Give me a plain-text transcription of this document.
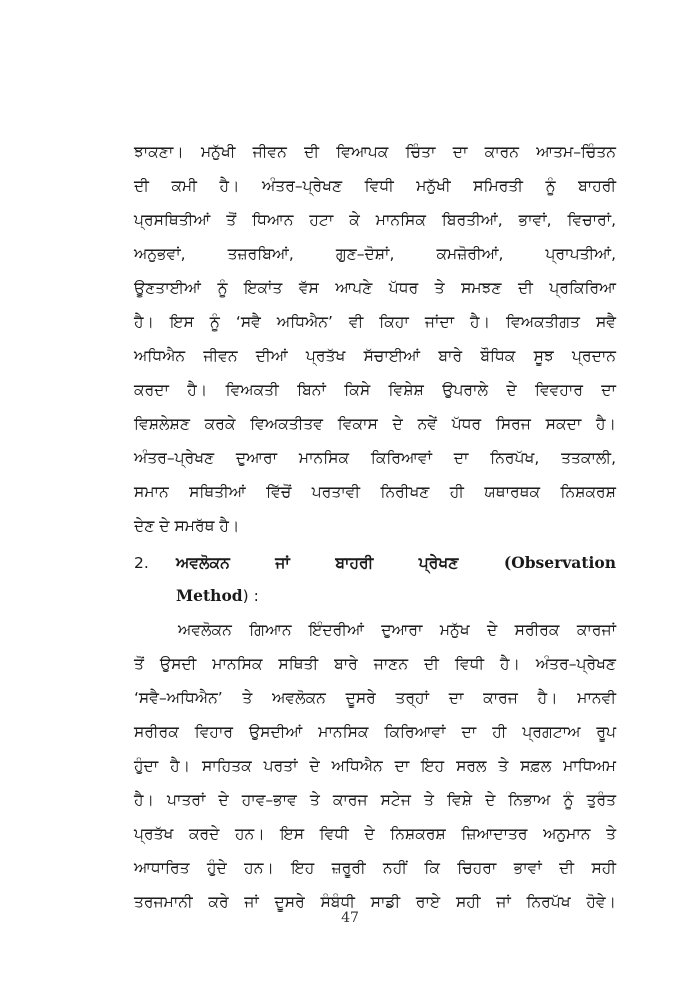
ਝਾਕਣਾ। ਮਨੁੱਖੀ ਜੀਵਨ ਦੀ ਵਿਆਪਕ ਚਿੰਤਾ ਦਾ ਕਾਰਨ ਆਤਮ–ਚਿੰਤਨ
ਦੀ ਕਮੀ ਹੈ। ਅੰਤਰ–ਪ੍ਰੇਖਣ ਵਿਧੀ ਮਨੁੱਖੀ ਸਮਿਰਤੀ ਨੂੰ ਬਾਹਰੀ
ਪ੍ਰਸਥਿਤੀਆਂ ਤੋਂ ਧਿਆਨ ਹਟਾ ਕੇ ਮਾਨਸਿਕ ਬਿਰਤੀਆਂ, ਭਾਵਾਂ, ਵਿਚਾਰਾਂ,
ਅਨੁਭਵਾਂ, ਤਜ਼ਰਬਿਆਂ, ਗੁਣ–ਦੋਸ਼ਾਂ, ਕਮਜ਼ੋਰੀਆਂ, ਪ੍ਰਾਪਤੀਆਂ,
ਊਣਤਾਈਆਂ ਨੂੰ ਇਕਾਂਤ ਵੱਸ ਆਪਣੇ ਪੱਧਰ ਤੇ ਸਮਝਣ ਦੀ ਪ੍ਰਕਿਰਿਆ
ਹੈ। ਇਸ ਨੂੰ ‘ਸਵੈ ਅਧਿਐਨ’ ਵੀ ਕਿਹਾ ਜਾਂਦਾ ਹੈ। ਵਿਅਕਤੀਗਤ ਸਵੈ
ਅਧਿਐਨ ਜੀਵਨ ਦੀਆਂ ਪ੍ਰਤੱਖ ਸੱਚਾਈਆਂ ਬਾਰੇ ਬੌਧਿਕ ਸੂਝ ਪ੍ਰਦਾਨ
ਕਰਦਾ ਹੈ। ਵਿਅਕਤੀ ਬਿਨਾਂ ਕਿਸੇ ਵਿਸ਼ੇਸ਼ ਉਪਰਾਲੇ ਦੇ ਵਿਵਹਾਰ ਦਾ
ਵਿਸ਼ਲੇਸ਼ਣ ਕਰਕੇ ਵਿਅਕਤੀਤਵ ਵਿਕਾਸ ਦੇ ਨਵੇਂ ਪੱਧਰ ਸਿਰਜ ਸਕਦਾ ਹੈ।
ਅੰਤਰ–ਪ੍ਰੇਖਣ ਦੁਆਰਾ ਮਾਨਸਿਕ ਕਿਰਿਆਵਾਂ ਦਾ ਨਿਰਪੱਖ, ਤਤਕਾਲੀ,
ਸਮਾਨ ਸਥਿਤੀਆਂ ਵਿੱਚੋਂ ਪਰਤਾਵੀ ਨਿਰੀਖਣ ਹੀ ਯਥਾਰਥਕ ਨਿਸ਼ਕਰਸ਼
ਦੇਣ ਦੇ ਸਮਰੱਥ ਹੈ।
2. ਅਵਲੋਕਨ ਜਾਂ ਬਾਹਰੀ ਪ੍ਰੇਖਣ	(Observation
Method) :
ਅਵਲੋਕਨ ਗਿਆਨ ਇੰਦਰੀਆਂ ਦੁਆਰਾ ਮਨੁੱਖ ਦੇ ਸਰੀਰਕ ਕਾਰਜਾਂ
ਤੋਂ ਉਸਦੀ ਮਾਨਸਿਕ ਸਥਿਤੀ ਬਾਰੇ ਜਾਣਨ ਦੀ ਵਿਧੀ ਹੈ। ਅੰਤਰ–ਪ੍ਰੇਖਣ
‘ਸਵੈ–ਅਧਿਐਨ’ ਤੇ ਅਵਲੋਕਨ ਦੂਸਰੇ ਤਰ੍ਹਾਂ ਦਾ ਕਾਰਜ ਹੈ। ਮਾਨਵੀ
ਸਰੀਰਕ ਵਿਹਾਰ ਉਸਦੀਆਂ ਮਾਨਸਿਕ ਕਿਰਿਆਵਾਂ ਦਾ ਹੀ ਪ੍ਰਗਟਾਅ ਰੂਪ
ਹੁੰਦਾ ਹੈ। ਸਾਹਿਤਕ ਪਰਤਾਂ ਦੇ ਅਧਿਐਨ ਦਾ ਇਹ ਸਰਲ ਤੇ ਸਫ਼ਲ ਮਾਧਿਅਮ
ਹੈ। ਪਾਤਰਾਂ ਦੇ ਹਾਵ–ਭਾਵ ਤੇ ਕਾਰਜ ਸਟੇਜ ਤੇ ਵਿਸ਼ੇ ਦੇ ਨਿਭਾਅ ਨੂੰ ਤੁਰੰਤ
ਪ੍ਰਤੱਖ ਕਰਦੇ ਹਨ। ਇਸ ਵਿਧੀ ਦੇ ਨਿਸ਼ਕਰਸ਼ ਜ਼ਿਆਦਾਤਰ ਅਨੁਮਾਨ ਤੇ
ਆਧਾਰਿਤ ਹੁੰਦੇ ਹਨ। ਇਹ ਜ਼ਰੂਰੀ ਨਹੀਂ ਕਿ ਚਿਹਰਾ ਭਾਵਾਂ ਦੀ ਸਹੀ
ਤਰਜਮਾਨੀ ਕਰੇ ਜਾਂ ਦੂਸਰੇ ਸੰਬੰਧੀ ਸਾਡੀ ਰਾਏ ਸਹੀ ਜਾਂ ਨਿਰਪੱਖ ਹੋਵੇ।
47
